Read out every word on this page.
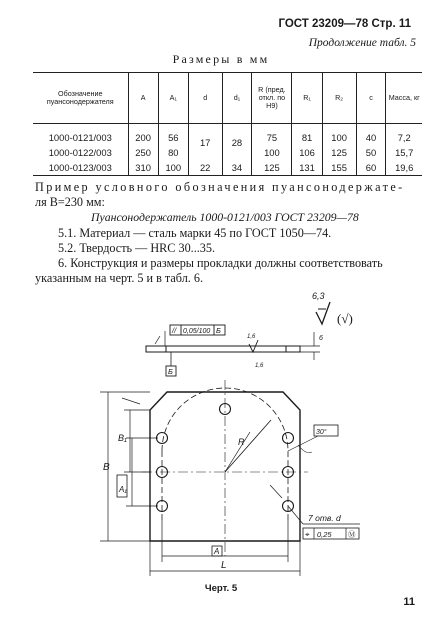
ГОСТ 23209—78 Стр. 11
Продолжение табл. 5
Размеры в мм
Обозначение пуансонодержателя	A	A₁	d	d₁	R (пред. откл. по H9)	R₁	R₂	c	Масса, кг
1000-0121/003	200	56	17	28	75	81	100	40	7,2
1000-0122/003	250	80			100	106	125	50	15,7
1000-0123/003	310	100	22	34	125	131	155	60	19,6
Пример условного обозначения пуансонодержате-
ля B=230 мм:
Пуансонодержатель 1000-0121/003 ГОСТ 23209—78
5.1. Материал — сталь марки 45 по ГОСТ 1050—74.
5.2. Твердость — HRC 30...35.
6. Конструкция и размеры прокладки должны соответствовать
указанным на черт. 5 и в табл. 6.
6,3
(√)
// 0,05/100 Б
Б
1,6	6
1,6
R
30°
B
B₁
A₁
A
L
7 отв. d
⌖ 0,25 Ⓜ
Черт. 5
11
